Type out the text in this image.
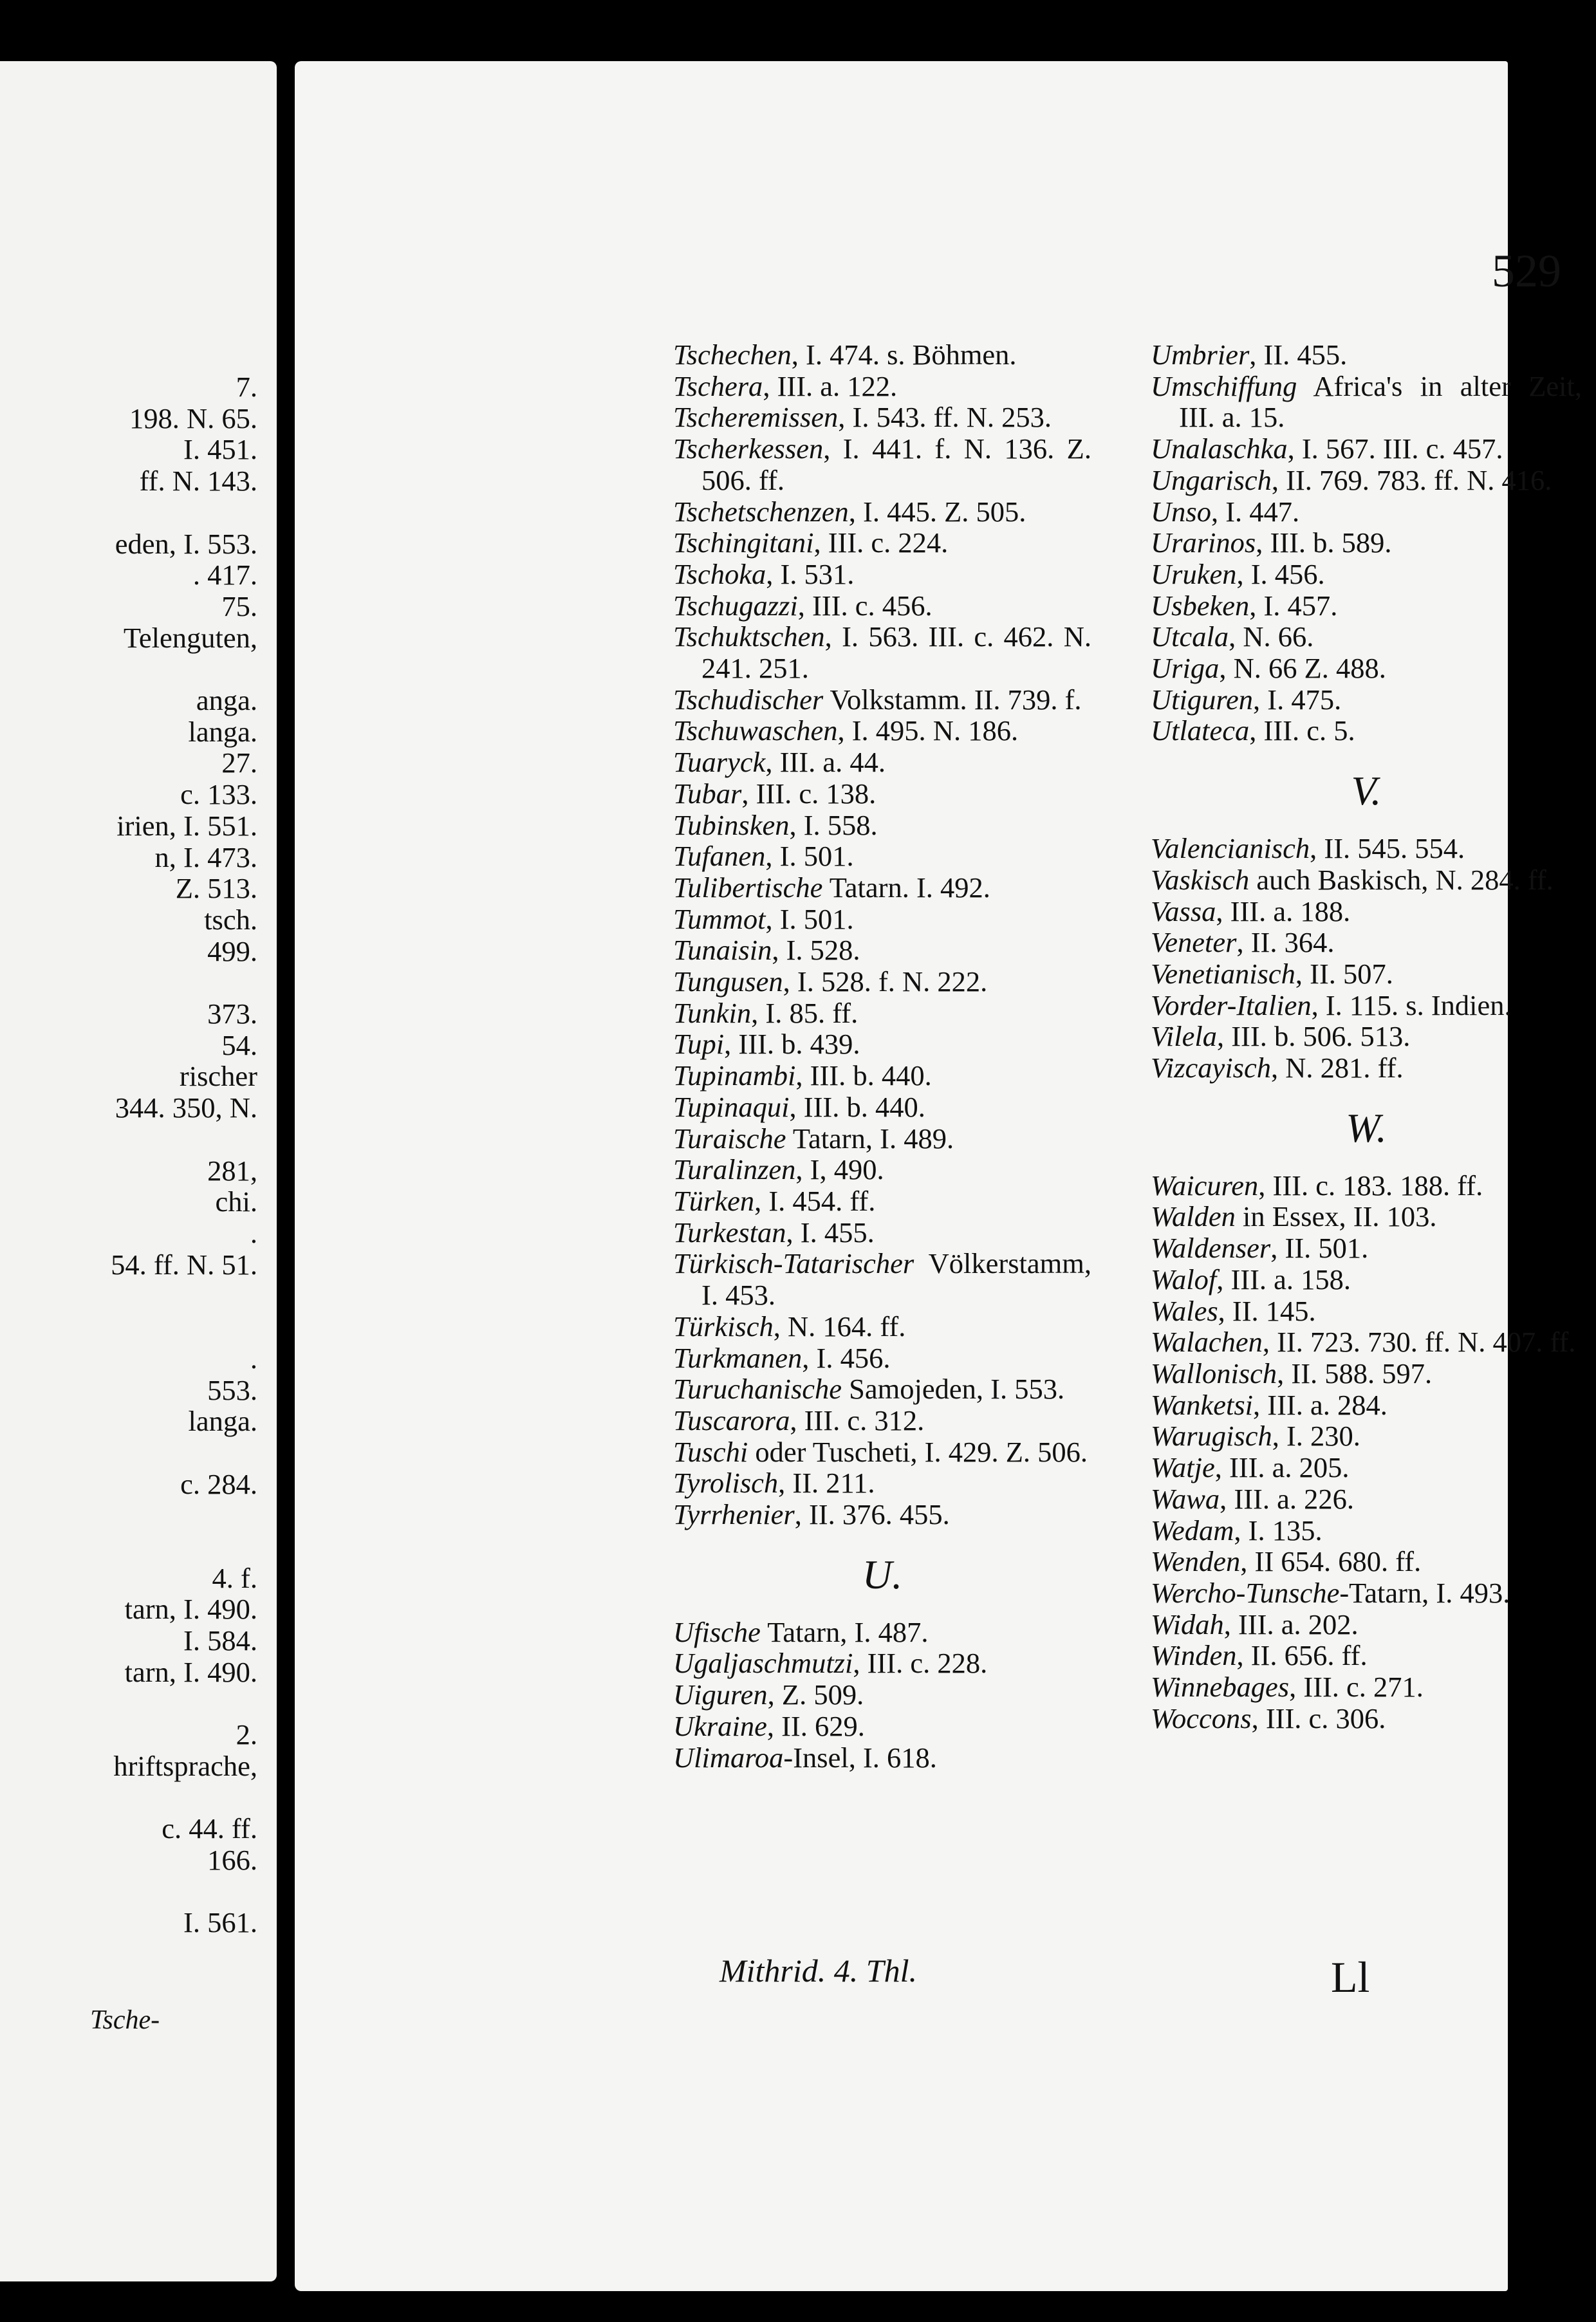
7.
198. N. 65.
I. 451.
ff. N. 143.

eden, I. 553.
. 417.
75.
Telenguten,

anga.
langa.
27.
c. 133.
irien, I. 551.
n, I. 473.
Z. 513.
tsch.
499.

373.
54.
rischer
344. 350, N.

281,
chi.
.
54. ff. N. 51.

.
553.
langa.

c. 284.

4. f.
tarn, I. 490.
I. 584.
tarn, I. 490.

2.
hriftsprache,

c. 44. ff.
166.

I. 561.
Tsche-
529
Tschechen, I. 474. s. Böhmen.
Tschera, III. a. 122.
Tscheremissen, I. 543. ff. N. 253.
Tscherkessen, I. 441. f. N. 136. Z. 506. ff.
Tschetschenzen, I. 445. Z. 505.
Tschingitani, III. c. 224.
Tschoka, I. 531.
Tschugazzi, III. c. 456.
Tschuktschen, I. 563. III. c. 462. N. 241. 251.
Tschudischer Volkstamm. II. 739. f.
Tschuwaschen, I. 495. N. 186.
Tuaryck, III. a. 44.
Tubar, III. c. 138.
Tubinsken, I. 558.
Tufanen, I. 501.
Tulibertische Tatarn. I. 492.
Tummot, I. 501.
Tunaisin, I. 528.
Tungusen, I. 528. f. N. 222.
Tunkin, I. 85. ff.
Tupi, III. b. 439.
Tupinambi, III. b. 440.
Tupinaqui, III. b. 440.
Turaische Tatarn, I. 489.
Turalinzen, I, 490.
Türken, I. 454. ff.
Turkestan, I. 455.
Türkisch-Tatarischer Völkerstamm, I. 453.
Türkisch, N. 164. ff.
Turkmanen, I. 456.
Turuchanische Samojeden, I. 553.
Tuscarora, III. c. 312.
Tuschi oder Tuscheti, I. 429. Z. 506.
Tyrolisch, II. 211.
Tyrrhenier, II. 376. 455.
U.
Ufische Tatarn, I. 487.
Ugaljaschmutzi, III. c. 228.
Uiguren, Z. 509.
Ukraine, II. 629.
Ulimaroa-Insel, I. 618.
Umbrier, II. 455.
Umschiffung Africa's in alter Zeit, III. a. 15.
Unalaschka, I. 567. III. c. 457.
Ungarisch, II. 769. 783. ff. N. 416.
Unso, I. 447.
Urarinos, III. b. 589.
Uruken, I. 456.
Usbeken, I. 457.
Utcala, N. 66.
Uriga, N. 66 Z. 488.
Utiguren, I. 475.
Utlateca, III. c. 5.
V.
Valencianisch, II. 545. 554.
Vaskisch auch Baskisch, N. 284. ff.
Vassa, III. a. 188.
Veneter, II. 364.
Venetianisch, II. 507.
Vorder-Italien, I. 115. s. Indien.
Vilela, III. b. 506. 513.
Vizcayisch, N. 281. ff.
W.
Waicuren, III. c. 183. 188. ff.
Walden in Essex, II. 103.
Waldenser, II. 501.
Walof, III. a. 158.
Wales, II. 145.
Walachen, II. 723. 730. ff. N. 407. ff.
Wallonisch, II. 588. 597.
Wanketsi, III. a. 284.
Warugisch, I. 230.
Watje, III. a. 205.
Wawa, III. a. 226.
Wedam, I. 135.
Wenden, II 654. 680. ff.
Wercho-Tunsche-Tatarn, I. 493.
Widah, III. a. 202.
Winden, II. 656. ff.
Winnebages, III. c. 271.
Woccons, III. c. 306.
Mithrid. 4. Thl.	Ll
